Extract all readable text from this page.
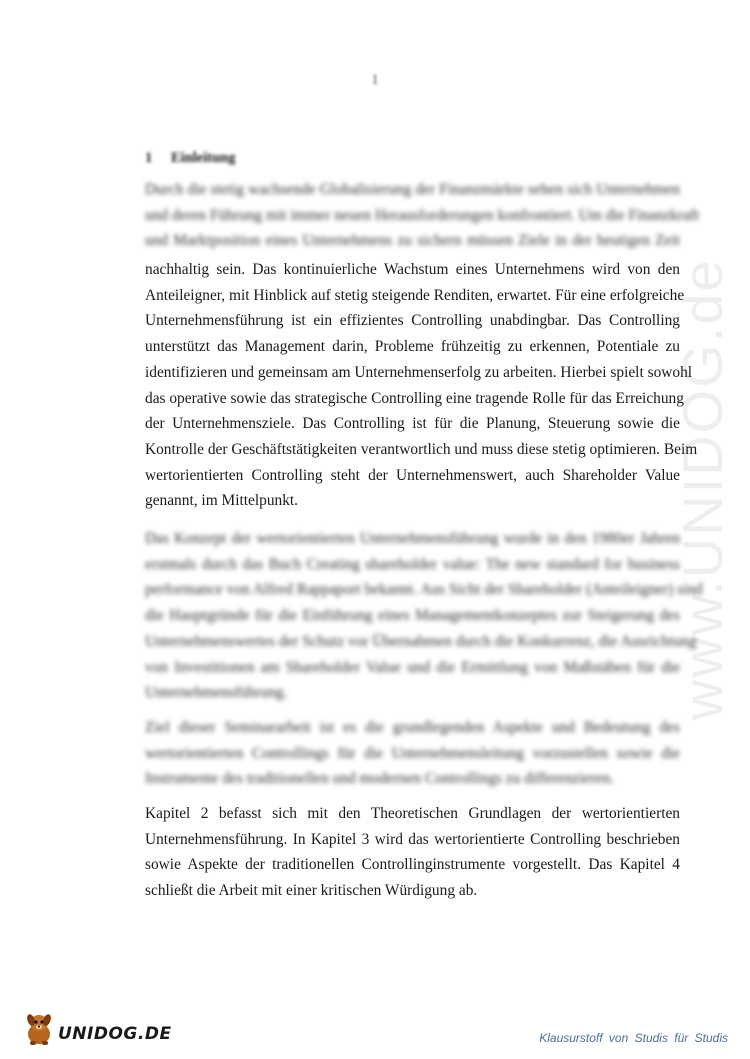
www.UNIDOG.de
1
1 Einleitung
Durch die stetig wachsende Globalisierung der Finanzmärkte sehen sich Unternehmen
und deren Führung mit immer neuen Herausforderungen konfrontiert. Um die Finanzkraft
und Marktposition eines Unternehmens zu sichern müssen Ziele in der heutigen Zeit
nachhaltig sein. Das kontinuierliche Wachstum eines Unternehmens wird von den
Anteileigner, mit Hinblick auf stetig steigende Renditen, erwartet. Für eine erfolgreiche
Unternehmensführung ist ein effizientes Controlling unabdingbar. Das Controlling
unterstützt das Management darin, Probleme frühzeitig zu erkennen, Potentiale zu
identifizieren und gemeinsam am Unternehmenserfolg zu arbeiten. Hierbei spielt sowohl
das operative sowie das strategische Controlling eine tragende Rolle für das Erreichung
der Unternehmensziele. Das Controlling ist für die Planung, Steuerung sowie die
Kontrolle der Geschäftstätigkeiten verantwortlich und muss diese stetig optimieren. Beim
wertorientierten Controlling steht der Unternehmenswert, auch Shareholder Value
genannt, im Mittelpunkt.
Das Konzept der wertorientierten Unternehmensführung wurde in den 1980er Jahren
erstmals durch das Buch Creating shareholder value: The new standard for business
performance von Alfred Rappaport bekannt. Aus Sicht der Shareholder (Anteileigner) sind
die Hauptgründe für die Einführung eines Managementkonzeptes zur Steigerung des
Unternehmenswertes der Schutz vor Übernahmen durch die Konkurrenz, die Ausrichtung
von Investitionen am Shareholder Value und die Ermittlung von Maßstäben für die
Unternehmensführung.
Ziel dieser Seminararbeit ist es die grundlegenden Aspekte und Bedeutung des
wertorientierten Controllings für die Unternehmensleitung vorzustellen sowie die
Instrumente des traditionellen und modernen Controllings zu differenzieren.
Kapitel 2 befasst sich mit den Theoretischen Grundlagen der wertorientierten
Unternehmensführung. In Kapitel 3 wird das wertorientierte Controlling beschrieben
sowie Aspekte der traditionellen Controllinginstrumente vorgestellt. Das Kapitel 4
schließt die Arbeit mit einer kritischen Würdigung ab.
UNIDOG.DE	Klausurstoff von Studis für Studis
